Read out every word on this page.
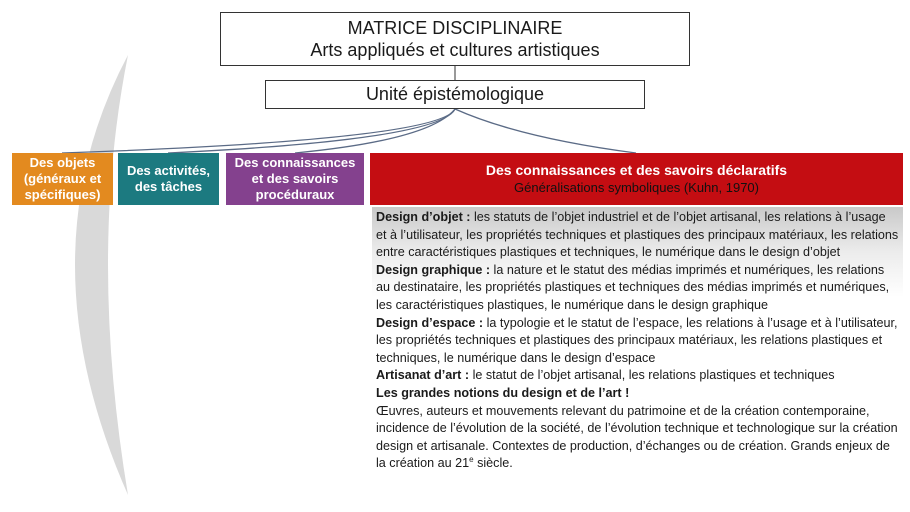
MATRICE DISCIPLINAIRE
Arts appliqués et cultures artistiques
Unité épistémologique
Des objets
(généraux et
spécifiques)
Des activités,
des tâches
Des connaissances
et des savoirs
procéduraux
Des connaissances et des savoirs déclaratifs
Généralisations symboliques (Kuhn, 1970)

Design d’objet : les statuts de l’objet industriel et de l’objet artisanal, les relations à l’usage et à l’utilisateur, les propriétés techniques et plastiques des principaux matériaux, les relations entre caractéristiques plastiques et techniques, le numérique dans le design d’objet

Design graphique : la nature et le statut des médias imprimés et numériques, les relations au destinataire, les propriétés plastiques et techniques des médias imprimés et numériques, les caractéristiques plastiques, le numérique dans le design graphique

Design d’espace : la typologie et le statut de l’espace, les relations à l’usage et à l’utilisateur, les propriétés techniques et plastiques des principaux matériaux, les relations plastiques et techniques, le numérique dans le design d’espace

Artisanat d’art : le statut de l’objet artisanal, les relations plastiques et techniques

Les grandes notions du design et de l’art !

Œuvres, auteurs et mouvements relevant du patrimoine et de la création contemporaine, incidence de l’évolution de la société, de l’évolution technique et technologique sur la création design et artisanale. Contextes de production, d’échanges ou de création. Grands enjeux de la création au 21e siècle.
